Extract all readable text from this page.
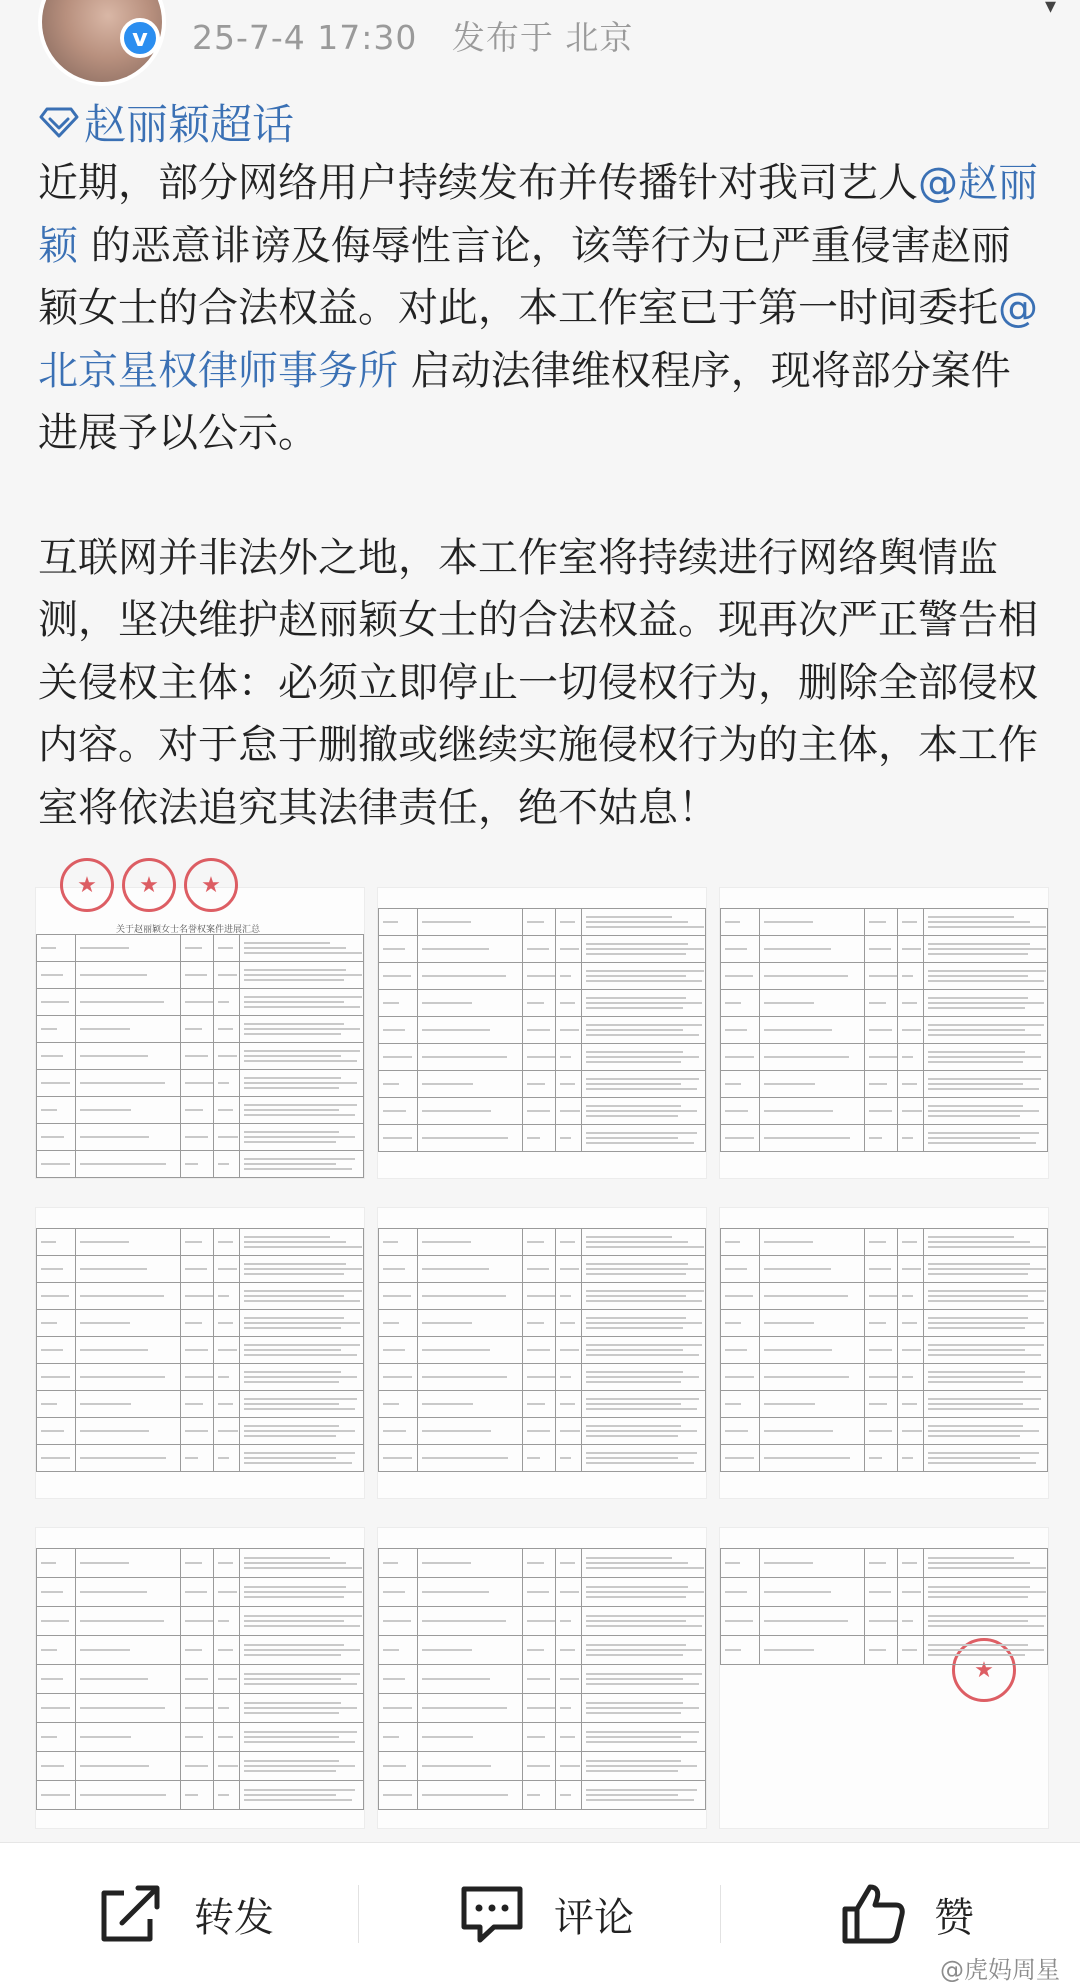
v	25-7-4 17:30 发布于 北京
▾
赵丽颖超话

近期，部分网络用户持续发布并传播针对我司艺人@赵丽颖 的恶意诽谤及侮辱性言论，该等行为已严重侵害赵丽颖女士的合法权益。对此，本工作室已于第一时间委托@北京星权律师事务所 启动法律维权程序，现将部分案件进展予以公示。

互联网并非法外之地，本工作室将持续进行网络舆情监测，坚决维护赵丽颖女士的合法权益。现再次严正警告相关侵权主体：必须立即停止一切侵权行为，删除全部侵权内容。对于怠于删撤或继续实施侵权行为的主体，本工作室将依法追究其法律责任，绝不姑息！

★	★	★
关于赵丽颖女士名誉权案件进展汇总

★

转发	评论	赞
@虎妈周星
